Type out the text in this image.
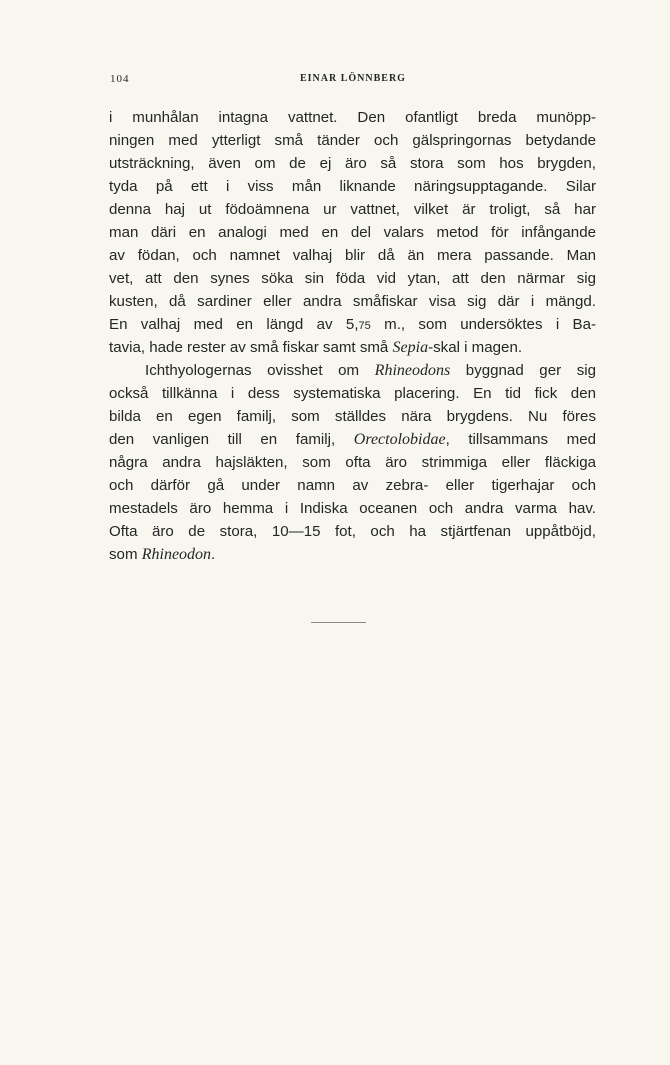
104	EINAR LÖNNBERG
i munhålan intagna vattnet. Den ofantligt breda munöpp-
ningen med ytterligt små tänder och gälspringornas betydande
utsträckning, även om de ej äro så stora som hos brygden,
tyda på ett i viss mån liknande näringsupptagande. Silar
denna haj ut födoämnena ur vattnet, vilket är troligt, så har
man däri en analogi med en del valars metod för infångande
av födan, och namnet valhaj blir då än mera passande. Man
vet, att den synes söka sin föda vid ytan, att den närmar sig
kusten, då sardiner eller andra småfiskar visa sig där i mängd.
En valhaj med en längd av 5,75 m., som undersöktes i Ba-
tavia, hade rester av små fiskar samt små Sepia-skal i magen.
Ichthyologernas ovisshet om Rhineodons byggnad ger sig
också tillkänna i dess systematiska placering. En tid fick den
bilda en egen familj, som ställdes nära brygdens. Nu föres
den vanligen till en familj, Orectolobidae, tillsammans med
några andra hajsläkten, som ofta äro strimmiga eller fläckiga
och därför gå under namn av zebra- eller tigerhajar och
mestadels äro hemma i Indiska oceanen och andra varma hav.
Ofta äro de stora, 10—15 fot, och ha stjärtfenan uppåtböjd,
som Rhineodon.
